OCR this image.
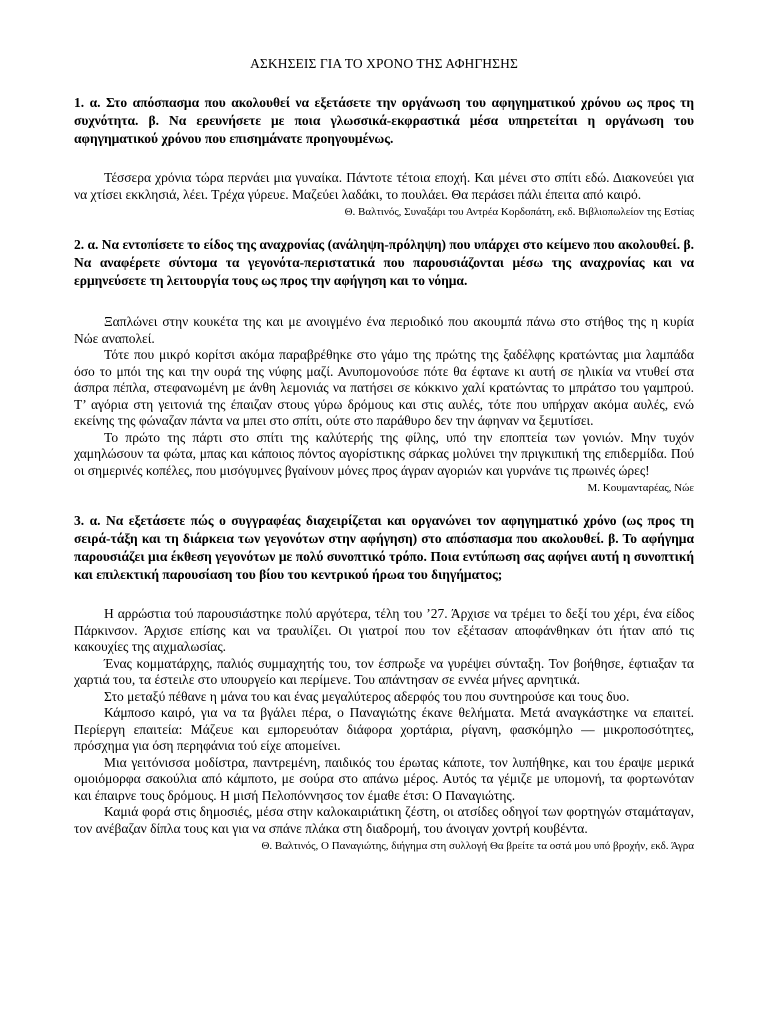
ΑΣΚΗΣΕΙΣ ΓΙΑ ΤΟ ΧΡΟΝΟ ΤΗΣ ΑΦΗΓΗΣΗΣ
1. α. Στο απόσπασμα που ακολουθεί να εξετάσετε την οργάνωση του αφηγηματικού χρόνου ως προς τη συχνότητα. β. Να ερευνήσετε με ποια γλωσσικά-εκφραστικά μέσα υπηρετείται η οργάνωση του αφηγηματικού χρόνου που επισημάνατε προηγουμένως.

Τέσσερα χρόνια τώρα περνάει μια γυναίκα. Πάντοτε τέτοια εποχή. Και μένει στο σπίτι εδώ. Διακονεύει για να χτίσει εκκλησιά, λέει. Τρέχα γύρευε. Μαζεύει λαδάκι, το πουλάει. Θα περάσει πάλι έπειτα από καιρό.

Θ. Βαλτινός, Συναξάρι του Αντρέα Κορδοπάτη, εκδ. Βιβλιοπωλείον της Εστίας
2. α. Να εντοπίσετε το είδος της αναχρονίας (ανάληψη-πρόληψη) που υπάρχει στο κείμενο που ακολουθεί. β. Να αναφέρετε σύντομα τα γεγονότα-περιστατικά που παρουσιάζονται μέσω της αναχρονίας και να ερμηνεύσετε τη λειτουργία τους ως προς την αφήγηση και το νόημα.

Ξαπλώνει στην κουκέτα της και με ανοιγμένο ένα περιοδικό που ακουμπά πάνω στο στήθος της η κυρία Νώε αναπολεί.

Τότε που μικρό κορίτσι ακόμα παραβρέθηκε στο γάμο της πρώτης της ξαδέλφης κρατώντας μια λαμπάδα όσο το μπόι της και την ουρά της νύφης μαζί. Ανυπομονούσε πότε θα έφτανε κι αυτή σε ηλικία να ντυθεί στα άσπρα πέπλα, στεφανωμένη με άνθη λεμονιάς να πατήσει σε κόκκινο χαλί κρατώντας το μπράτσο του γαμπρού. Τ’ αγόρια στη γειτονιά της έπαιζαν στους γύρω δρόμους και στις αυλές, τότε που υπήρχαν ακόμα αυλές, ενώ εκείνης της φώναζαν πάντα να μπει στο σπίτι, ούτε στο παράθυρο δεν την άφηναν να ξεμυτίσει.

Το πρώτο της πάρτι στο σπίτι της καλύτερής της φίλης, υπό την εποπτεία των γονιών. Μην τυχόν χαμηλώσουν τα φώτα, μπας και κάποιος πόντος αγορίστικης σάρκας μολύνει την πριγκιπική της επιδερμίδα. Πού οι σημερινές κοπέλες, που μισόγυμνες βγαίνουν μόνες προς άγραν αγοριών και γυρνάνε τις πρωινές ώρες!

Μ. Κουμανταρέας, Νώε
3. α. Να εξετάσετε πώς ο συγγραφέας διαχειρίζεται και οργανώνει τον αφηγηματικό χρόνο (ως προς τη σειρά-τάξη και τη διάρκεια των γεγονότων στην αφήγηση) στο απόσπασμα που ακολουθεί. β. Το αφήγημα παρουσιάζει μια έκθεση γεγονότων με πολύ συνοπτικό τρόπο. Ποια εντύπωση σας αφήνει αυτή η συνοπτική και επιλεκτική παρουσίαση του βίου του κεντρικού ήρωα του διηγήματος;

Η αρρώστια τού παρουσιάστηκε πολύ αργότερα, τέλη του ’27. Άρχισε να τρέμει το δεξί του χέρι, ένα είδος Πάρκινσον. Άρχισε επίσης και να τραυλίζει. Οι γιατροί που τον εξέτασαν αποφάνθηκαν ότι ήταν από τις κακουχίες της αιχμαλωσίας.

Ένας κομματάρχης, παλιός συμμαχητής του, τον έσπρωξε να γυρέψει σύνταξη. Τον βοήθησε, έφτιαξαν τα χαρτιά του, τα έστειλε στο υπουργείο και περίμενε. Του απάντησαν σε εννέα μήνες αρνητικά.

Στο μεταξύ πέθανε η μάνα του και ένας μεγαλύτερος αδερφός του που συντηρούσε και τους δυο.

Κάμποσο καιρό, για να τα βγάλει πέρα, ο Παναγιώτης έκανε θελήματα. Μετά αναγκάστηκε να επαιτεί. Περίεργη επαιτεία: Μάζευε και εμπορευόταν διάφορα χορτάρια, ρίγανη, φασκόμηλο — μικροποσότητες, πρόσχημα για όση περηφάνια τού είχε απομείνει.

Μια γειτόνισσα μοδίστρα, παντρεμένη, παιδικός του έρωτας κάποτε, τον λυπήθηκε, και του έραψε μερικά ομοιόμορφα σακούλια από κάμποτο, με σούρα στο απάνω μέρος. Αυτός τα γέμιζε με υπομονή, τα φορτωνόταν και έπαιρνε τους δρόμους. Η μισή Πελοπόννησος τον έμαθε έτσι: Ο Παναγιώτης.

Καμιά φορά στις δημοσιές, μέσα στην καλοκαιριάτικη ζέστη, οι ατσίδες οδηγοί των φορτηγών σταμάταγαν, τον ανέβαζαν δίπλα τους και για να σπάνε πλάκα στη διαδρομή, του άνοιγαν χοντρή κουβέντα.

Θ. Βαλτινός, Ο Παναγιώτης, διήγημα στη συλλογή Θα βρείτε τα οστά μου υπό βροχήν, εκδ. Άγρα
